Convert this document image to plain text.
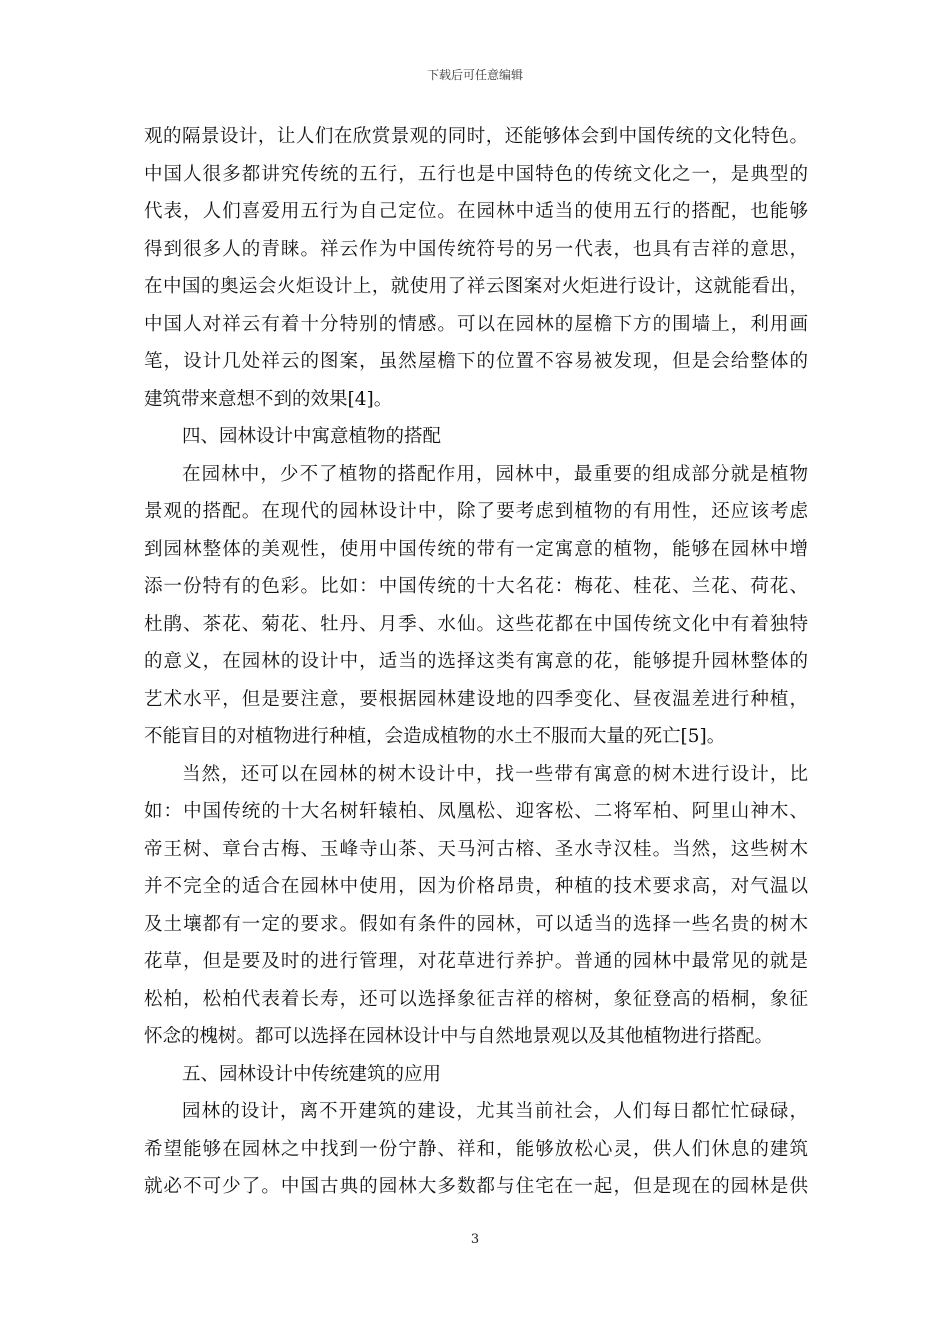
下载后可任意编辑
观的隔景设计，让人们在欣赏景观的同时，还能够体会到中国传统的文化特色。
中国人很多都讲究传统的五行，五行也是中国特色的传统文化之一，是典型的
代表，人们喜爱用五行为自己定位。在园林中适当的使用五行的搭配，也能够
得到很多人的青睐。祥云作为中国传统符号的另一代表，也具有吉祥的意思，
在中国的奥运会火炬设计上，就使用了祥云图案对火炬进行设计，这就能看出，
中国人对祥云有着十分特别的情感。可以在园林的屋檐下方的围墙上，利用画
笔，设计几处祥云的图案，虽然屋檐下的位置不容易被发现，但是会给整体的
建筑带来意想不到的效果[4]。
四、园林设计中寓意植物的搭配
在园林中，少不了植物的搭配作用，园林中，最重要的组成部分就是植物
景观的搭配。在现代的园林设计中，除了要考虑到植物的有用性，还应该考虑
到园林整体的美观性，使用中国传统的带有一定寓意的植物，能够在园林中增
添一份特有的色彩。比如：中国传统的十大名花：梅花、桂花、兰花、荷花、
杜鹃、茶花、菊花、牡丹、月季、水仙。这些花都在中国传统文化中有着独特
的意义，在园林的设计中，适当的选择这类有寓意的花，能够提升园林整体的
艺术水平，但是要注意，要根据园林建设地的四季变化、昼夜温差进行种植，
不能盲目的对植物进行种植，会造成植物的水土不服而大量的死亡[5]。
当然，还可以在园林的树木设计中，找一些带有寓意的树木进行设计，比
如：中国传统的十大名树轩辕柏、凤凰松、迎客松、二将军柏、阿里山神木、
帝王树、章台古梅、玉峰寺山茶、天马河古榕、圣水寺汉桂。当然，这些树木
并不完全的适合在园林中使用，因为价格昂贵，种植的技术要求高，对气温以
及土壤都有一定的要求。假如有条件的园林，可以适当的选择一些名贵的树木
花草，但是要及时的进行管理，对花草进行养护。普通的园林中最常见的就是
松柏，松柏代表着长寿，还可以选择象征吉祥的榕树，象征登高的梧桐，象征
怀念的槐树。都可以选择在园林设计中与自然地景观以及其他植物进行搭配。
五、园林设计中传统建筑的应用
园林的设计，离不开建筑的建设，尤其当前社会，人们每日都忙忙碌碌，
希望能够在园林之中找到一份宁静、祥和，能够放松心灵，供人们休息的建筑
就必不可少了。中国古典的园林大多数都与住宅在一起，但是现在的园林是供
3
